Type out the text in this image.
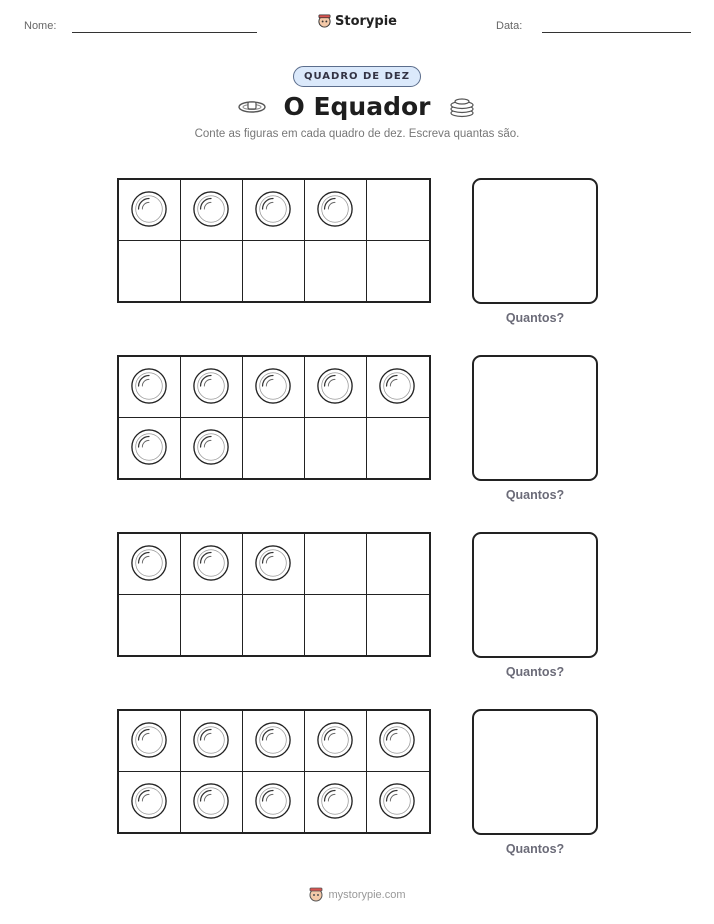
Nome:	Storypie	Data:
QUADRO DE DEZ
O Equador
Conte as figuras em cada quadro de dez. Escreva quantas são.
Quantos?
Quantos?
Quantos?
Quantos?
mystorypie.com
